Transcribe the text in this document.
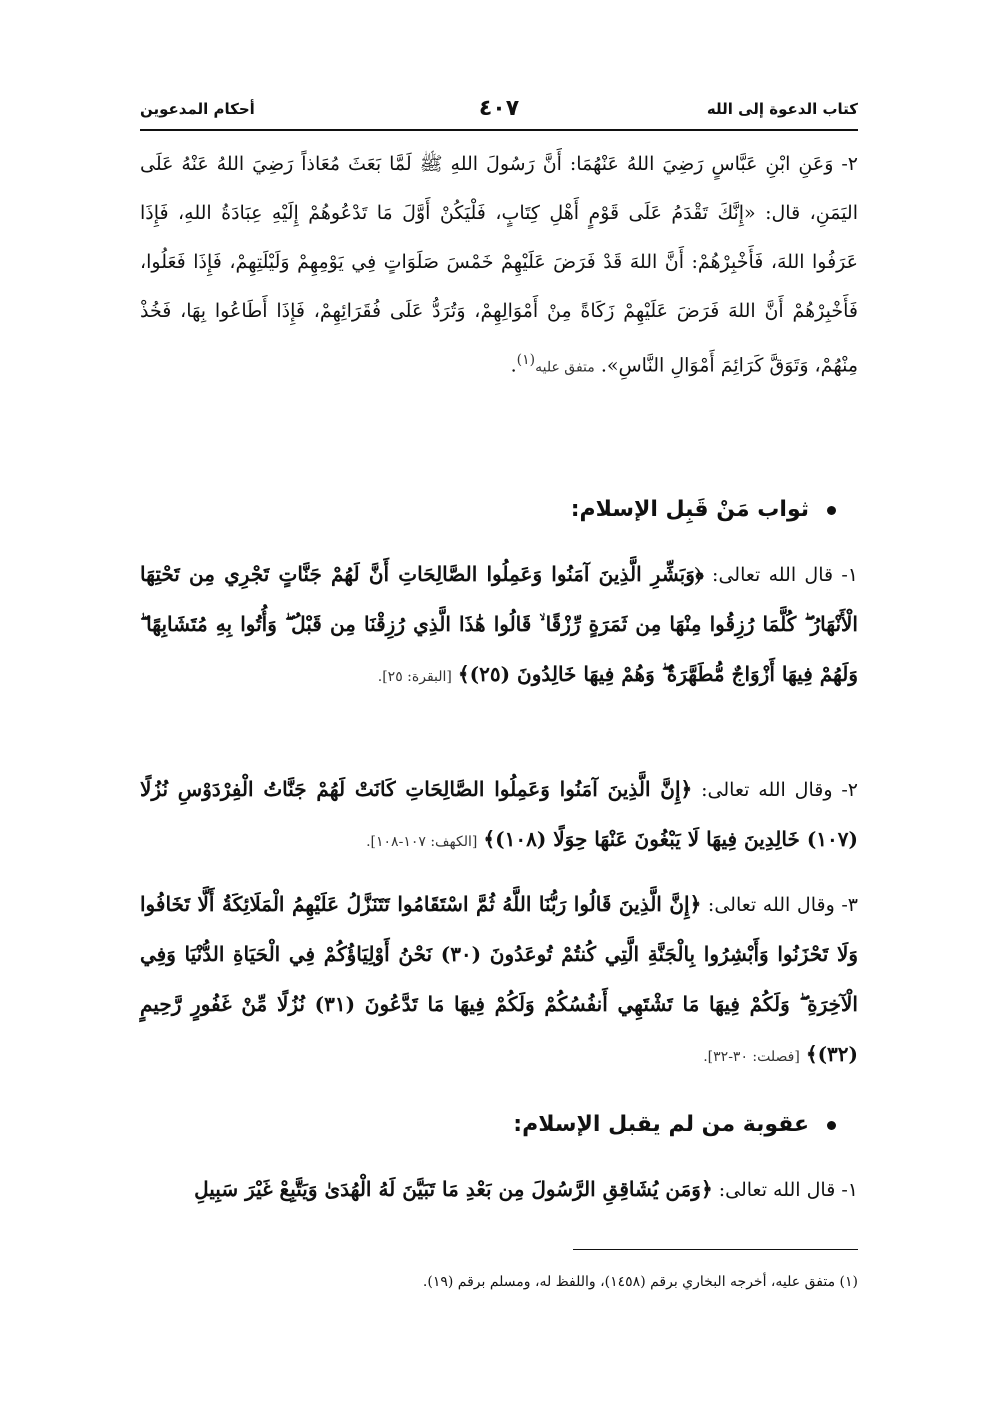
كتاب الدعوة إلى الله
٤٠٧
أحكام المدعوين
٢- وَعَنِ ابْنِ عَبَّاسٍ رَضِيَ اللهُ عَنْهُمَا: أَنَّ رَسُولَ اللهِ ﷺ لَمَّا بَعَثَ مُعَاذاً رَضِيَ اللهُ عَنْهُ عَلَى اليَمَنِ، قال: «إِنَّكَ تَقْدَمُ عَلَى قَوْمٍ أَهْلِ كِتَابٍ، فَلْيَكُنْ أَوَّلَ مَا تَدْعُوهُمْ إِلَيْهِ عِبَادَةُ اللهِ، فَإِذَا عَرَفُوا اللهَ، فَأَخْبِرْهُمْ: أَنَّ اللهَ قَدْ فَرَضَ عَلَيْهِمْ خَمْسَ صَلَوَاتٍ فِي يَوْمِهِمْ وَلَيْلَتِهِمْ، فَإِذَا فَعَلُوا، فَأَخْبِرْهُمْ أَنَّ اللهَ فَرَضَ عَلَيْهِمْ زَكَاةً مِنْ أَمْوَالِهِمْ، وَتُرَدُّ عَلَى فُقَرَائِهِمْ، فَإِذَا أَطَاعُوا بِهَا، فَخُذْ مِنْهُمْ، وَتَوَقَّ كَرَائِمَ أَمْوَالِ النَّاسِ». متفق عليه$^{(١)}$.
ثواب مَنْ قَبِل الإسلام:
١- قال الله تعالى: ﴿وَبَشِّرِ الَّذِينَ آمَنُوا وَعَمِلُوا الصَّالِحَاتِ أَنَّ لَهُمْ جَنَّاتٍ تَجْرِي مِن تَحْتِهَا الْأَنْهَارُ ۖ كُلَّمَا رُزِقُوا مِنْهَا مِن ثَمَرَةٍ رِّزْقًا ۙ قَالُوا هَٰذَا الَّذِي رُزِقْنَا مِن قَبْلُ ۖ وَأُتُوا بِهِ مُتَشَابِهًا ۖ وَلَهُمْ فِيهَا أَزْوَاجٌ مُّطَهَّرَةٌ ۖ وَهُمْ فِيهَا خَالِدُونَ (٢٥)﴾ [البقرة: ٢٥].
٢- وقال الله تعالى: ﴿إِنَّ الَّذِينَ آمَنُوا وَعَمِلُوا الصَّالِحَاتِ كَانَتْ لَهُمْ جَنَّاتُ الْفِرْدَوْسِ نُزُلًا (١٠٧) خَالِدِينَ فِيهَا لَا يَبْغُونَ عَنْهَا حِوَلًا (١٠٨)﴾ [الكهف: ١٠٧-١٠٨].
٣- وقال الله تعالى: ﴿إِنَّ الَّذِينَ قَالُوا رَبُّنَا اللَّهُ ثُمَّ اسْتَقَامُوا تَتَنَزَّلُ عَلَيْهِمُ الْمَلَائِكَةُ أَلَّا تَخَافُوا وَلَا تَحْزَنُوا وَأَبْشِرُوا بِالْجَنَّةِ الَّتِي كُنتُمْ تُوعَدُونَ (٣٠) نَحْنُ أَوْلِيَاؤُكُمْ فِي الْحَيَاةِ الدُّنْيَا وَفِي الْآخِرَةِ ۖ وَلَكُمْ فِيهَا مَا تَشْتَهِي أَنفُسُكُمْ وَلَكُمْ فِيهَا مَا تَدَّعُونَ (٣١) نُزُلًا مِّنْ غَفُورٍ رَّحِيمٍ (٣٢)﴾ [فصلت: ٣٠-٣٢].
عقوبة من لم يقبل الإسلام:
١- قال الله تعالى: ﴿وَمَن يُشَاقِقِ الرَّسُولَ مِن بَعْدِ مَا تَبَيَّنَ لَهُ الْهُدَىٰ وَيَتَّبِعْ غَيْرَ سَبِيلِ
(١) متفق عليه، أخرجه البخاري برقم (١٤٥٨)، واللفظ له، ومسلم برقم (١٩).
